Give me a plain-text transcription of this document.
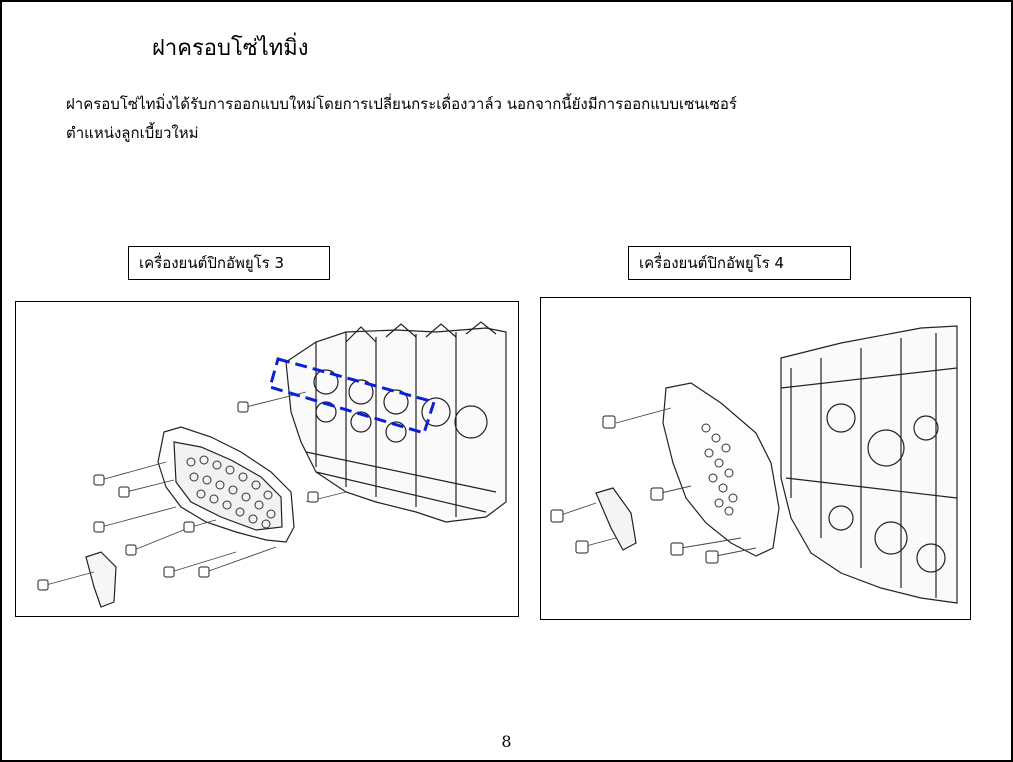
ฝาครอบโซ่ไทมิ่ง
ฝาครอบโซ่ไทมิ่งได้รับการออกแบบใหม่โดยการเปลี่ยนกระเดื่องวาล์ว นอกจากนี้ยังมีการออกแบบเซนเซอร์
ตำแหน่งลูกเบี้ยวใหม่
เครื่องยนต์ปิกอัพยูโร 3	เครื่องยนต์ปิกอัพยูโร 4
8
